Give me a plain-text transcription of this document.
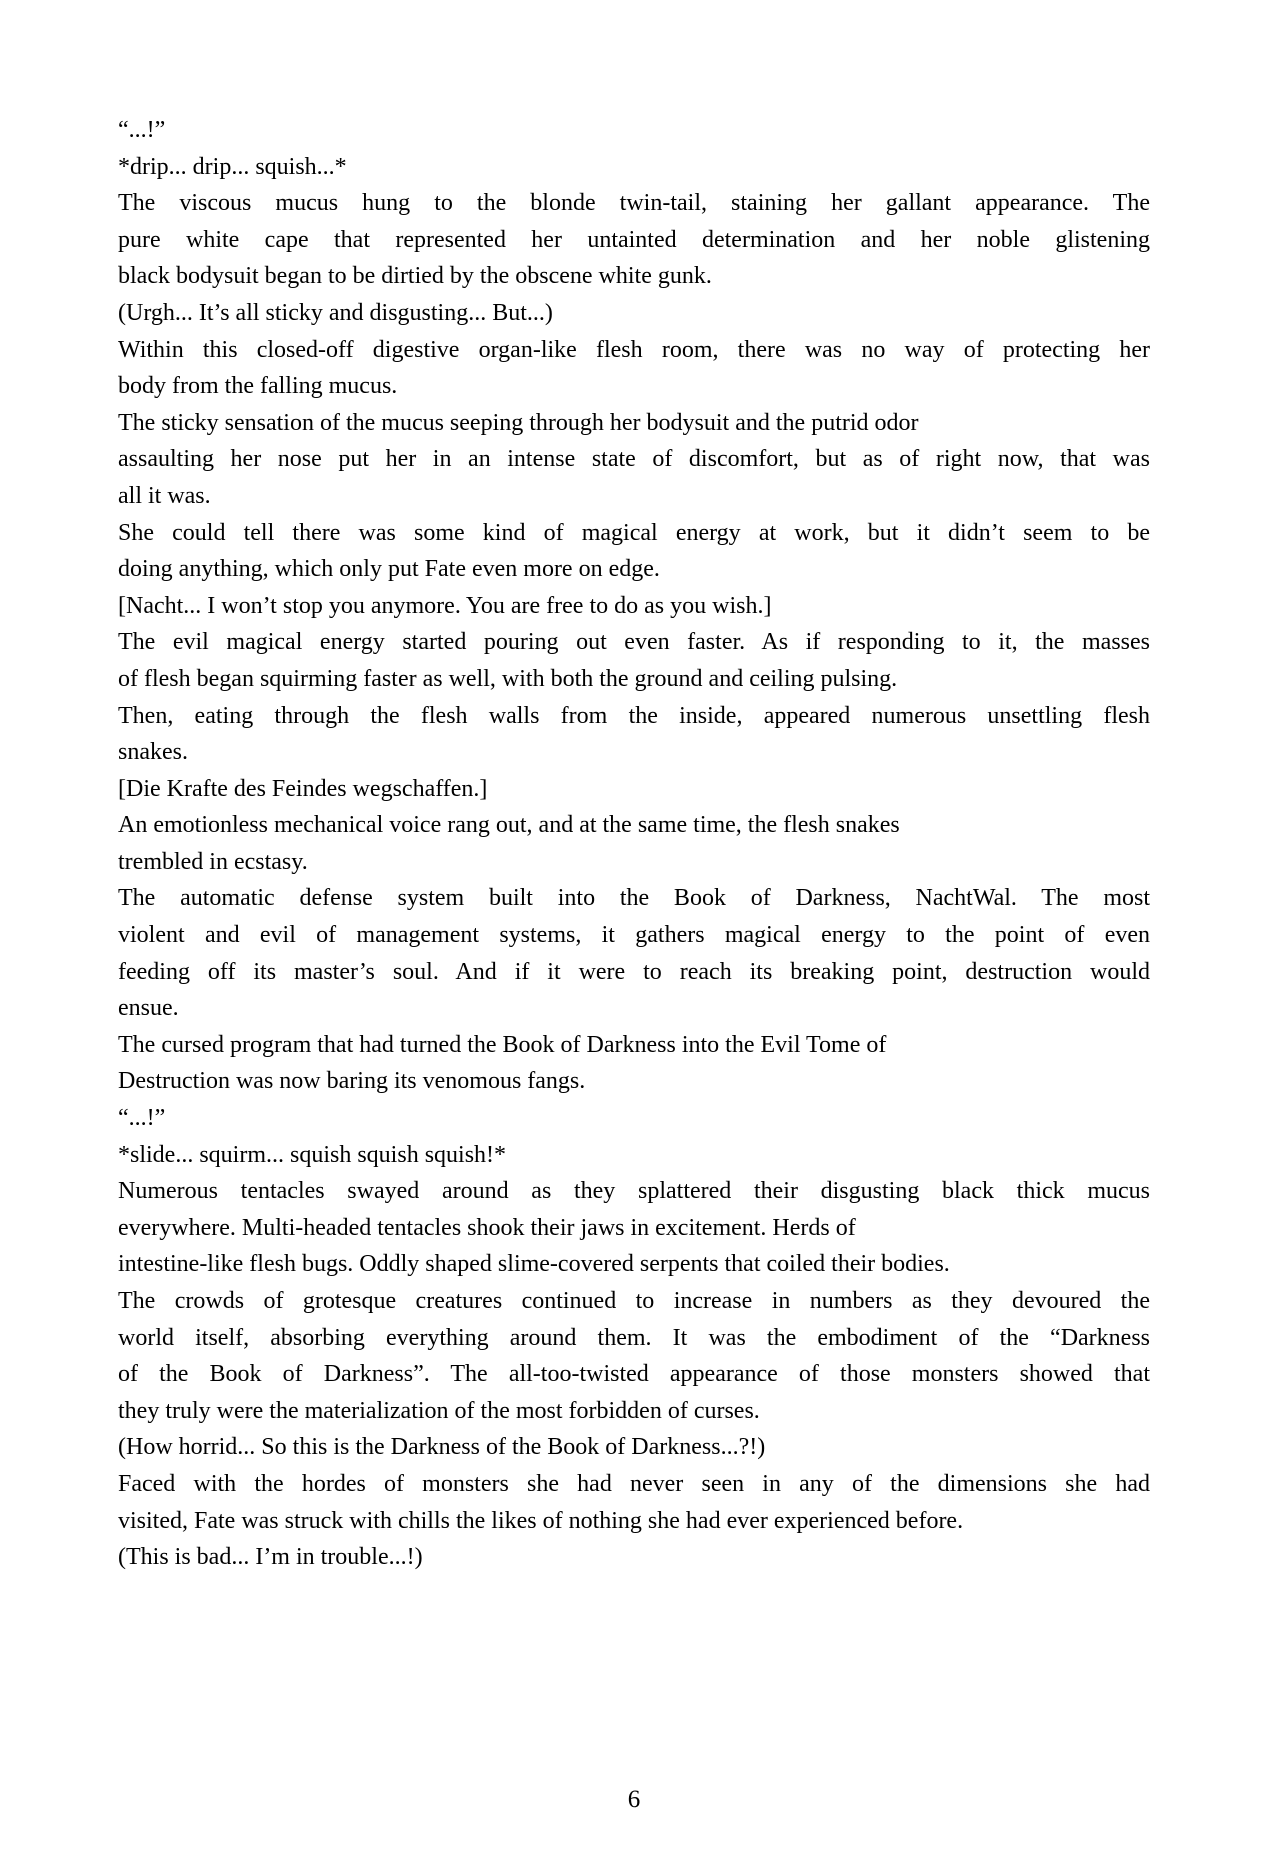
“...!”
*drip... drip... squish...*
The viscous mucus hung to the blonde twin-tail, staining her gallant appearance. The
pure white cape that represented her untainted determination and her noble glistening
black bodysuit began to be dirtied by the obscene white gunk.
(Urgh... It’s all sticky and disgusting... But...)
Within this closed-off digestive organ-like flesh room, there was no way of protecting her
body from the falling mucus.
The sticky sensation of the mucus seeping through her bodysuit and the putrid odor
assaulting her nose put her in an intense state of discomfort, but as of right now, that was
all it was.
She could tell there was some kind of magical energy at work, but it didn’t seem to be
doing anything, which only put Fate even more on edge.
[Nacht... I won’t stop you anymore. You are free to do as you wish.]
The evil magical energy started pouring out even faster. As if responding to it, the masses
of flesh began squirming faster as well, with both the ground and ceiling pulsing.
Then, eating through the flesh walls from the inside, appeared numerous unsettling flesh
snakes.
[Die Krafte des Feindes wegschaffen.]
An emotionless mechanical voice rang out, and at the same time, the flesh snakes
trembled in ecstasy.
The automatic defense system built into the Book of Darkness, NachtWal. The most
violent and evil of management systems, it gathers magical energy to the point of even
feeding off its master’s soul. And if it were to reach its breaking point, destruction would
ensue.
The cursed program that had turned the Book of Darkness into the Evil Tome of
Destruction was now baring its venomous fangs.
“...!”
*slide... squirm... squish squish squish!*
Numerous tentacles swayed around as they splattered their disgusting black thick mucus
everywhere. Multi-headed tentacles shook their jaws in excitement. Herds of
intestine-like flesh bugs. Oddly shaped slime-covered serpents that coiled their bodies.
The crowds of grotesque creatures continued to increase in numbers as they devoured the
world itself, absorbing everything around them. It was the embodiment of the “Darkness
of the Book of Darkness”. The all-too-twisted appearance of those monsters showed that
they truly were the materialization of the most forbidden of curses.
(How horrid... So this is the Darkness of the Book of Darkness...?!)
Faced with the hordes of monsters she had never seen in any of the dimensions she had
visited, Fate was struck with chills the likes of nothing she had ever experienced before.
(This is bad... I’m in trouble...!)
6
